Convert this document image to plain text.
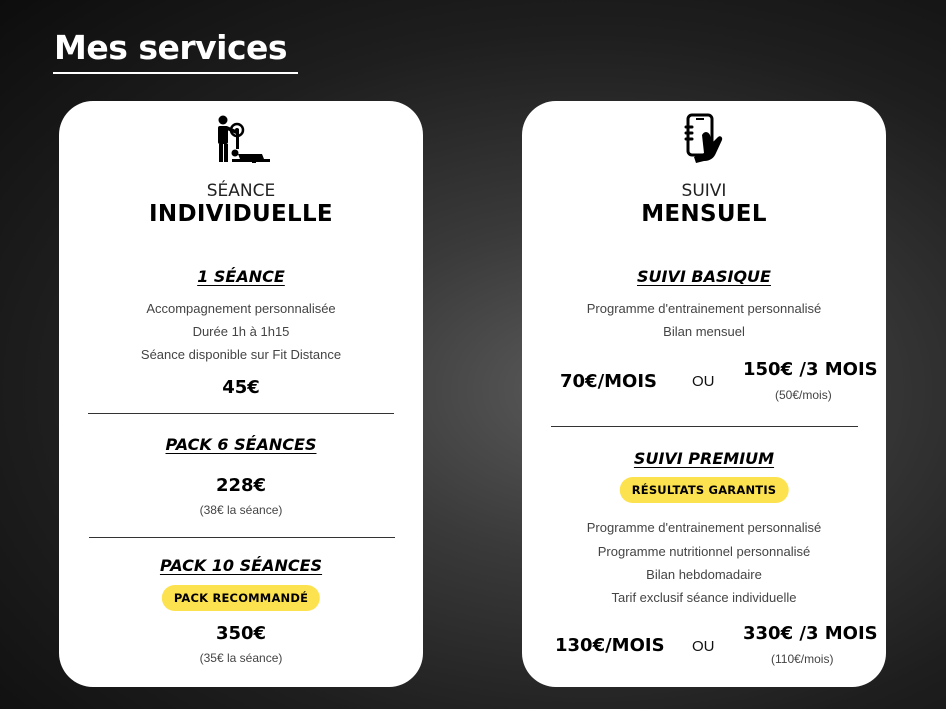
Mes services
SÉANCE
INDIVIDUELLE
1 SÉANCE
Accompagnement personnalisée
Durée 1h à 1h15
Séance disponible sur Fit Distance
45€
PACK 6 SÉANCES
228€
(38€ la séance)
PACK 10 SÉANCES
PACK RECOMMANDÉ
350€
(35€ la séance)
SUIVI
MENSUEL
SUIVI BASIQUE
Programme d'entrainement personnalisé
Bilan mensuel
70€/MOIS OU
150€ /3 MOIS
(50€/mois)
SUIVI PREMIUM
RÉSULTATS GARANTIS
Programme d'entrainement personnalisé
Programme nutritionnel personnalisé
Bilan hebdomadaire
Tarif exclusif séance individuelle
130€/MOIS OU
330€ /3 MOIS
(110€/mois)
